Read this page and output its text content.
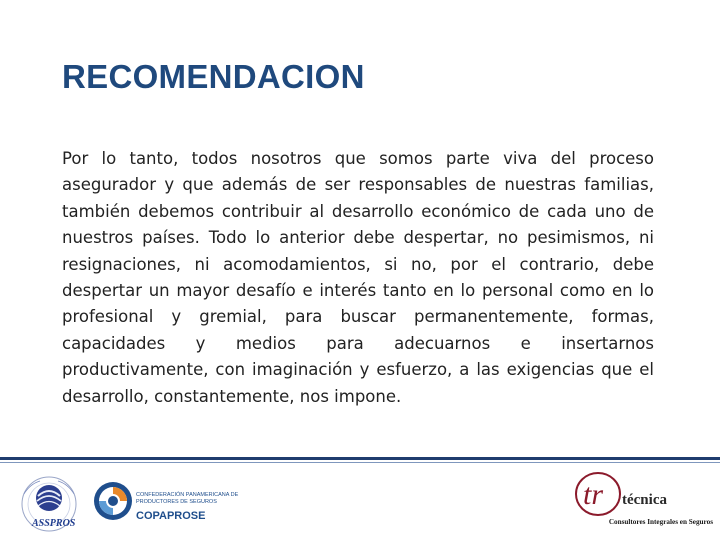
RECOMENDACION
Por lo tanto, todos nosotros que somos parte viva del proceso asegurador y que además de ser responsables de nuestras familias, también debemos contribuir al desarrollo económico de cada uno de nuestros países. Todo lo anterior debe despertar, no pesimismos, ni resignaciones, ni acomodamientos, si no, por el contrario, debe despertar un mayor desafío e interés tanto en lo personal como en lo profesional y gremial, para buscar permanentemente, formas, capacidades y medios para adecuarnos e insertarnos productivamente, con imaginación y esfuerzo, a las exigencias que el desarrollo, constantemente, nos impone.
ASSPROS
CONFEDERACIÓN PANAMERICANA DE PRODUCTORES DE SEGUROS
COPAPROSE
tr técnica
Consultores Integrales en Seguros
